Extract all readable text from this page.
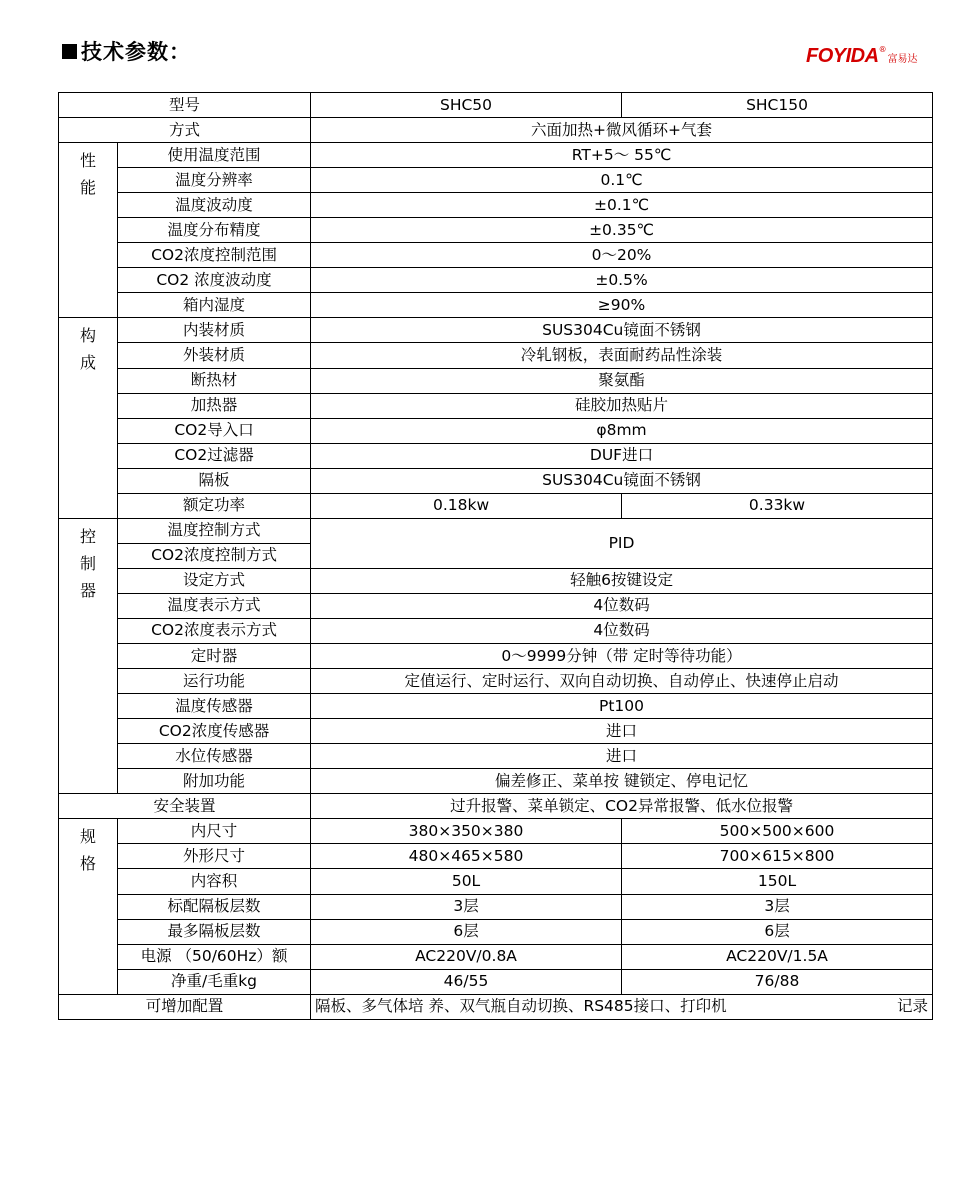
技术参数：	FOYIDA®富易达
型号		SHC50	SHC150
方式		六面加热+微风循环+气套	
性能	使用温度范围	RT+5～ 55℃	
	温度分辨率	0.1℃	
	温度波动度	±0.1℃	
	温度分布精度	±0.35℃	
	CO2浓度控制范围	0～20%	
	CO2 浓度波动度	±0.5%	
	箱内湿度	≥90%	
构成	内装材质	SUS304Cu镜面不锈钢	
	外装材质	冷轧钢板，表面耐药品性涂装	
	断热材	聚氨酯	
	加热器	硅胶加热贴片	
	CO2导入口	φ8mm	
	CO2过滤器	DUF进口	
	隔板	SUS304Cu镜面不锈钢	
	额定功率	0.18kw	0.33kw
控制器	温度控制方式	PID	
	CO2浓度控制方式		
	设定方式	轻触6按键设定	
	温度表示方式	4位数码	
	CO2浓度表示方式	4位数码	
	定时器	0～9999分钟（带 定时等待功能）	
	运行功能	定值运行、定时运行、双向自动切换、自动停止、快速停止启动	
	温度传感器	Pt100	
	CO2浓度传感器	进口	
	水位传感器	进口	
	附加功能	偏差修正、菜单按 键锁定、停电记忆	
安全装置		过升报警、菜单锁定、CO2异常报警、低水位报警	
规格	内尺寸	380×350×380	500×500×600
	外形尺寸	480×465×580	700×615×800
	内容积	50L	150L
	标配隔板层数	3层	3层
	最多隔板层数	6层	6层
	电源 （50/60Hz）额	AC220V/0.8A	AC220V/1.5A
	净重/毛重kg	46/55	76/88
可增加配置		隔板、多气体培 养、双气瓶自动切换、RS485接口、打印机 记录	
